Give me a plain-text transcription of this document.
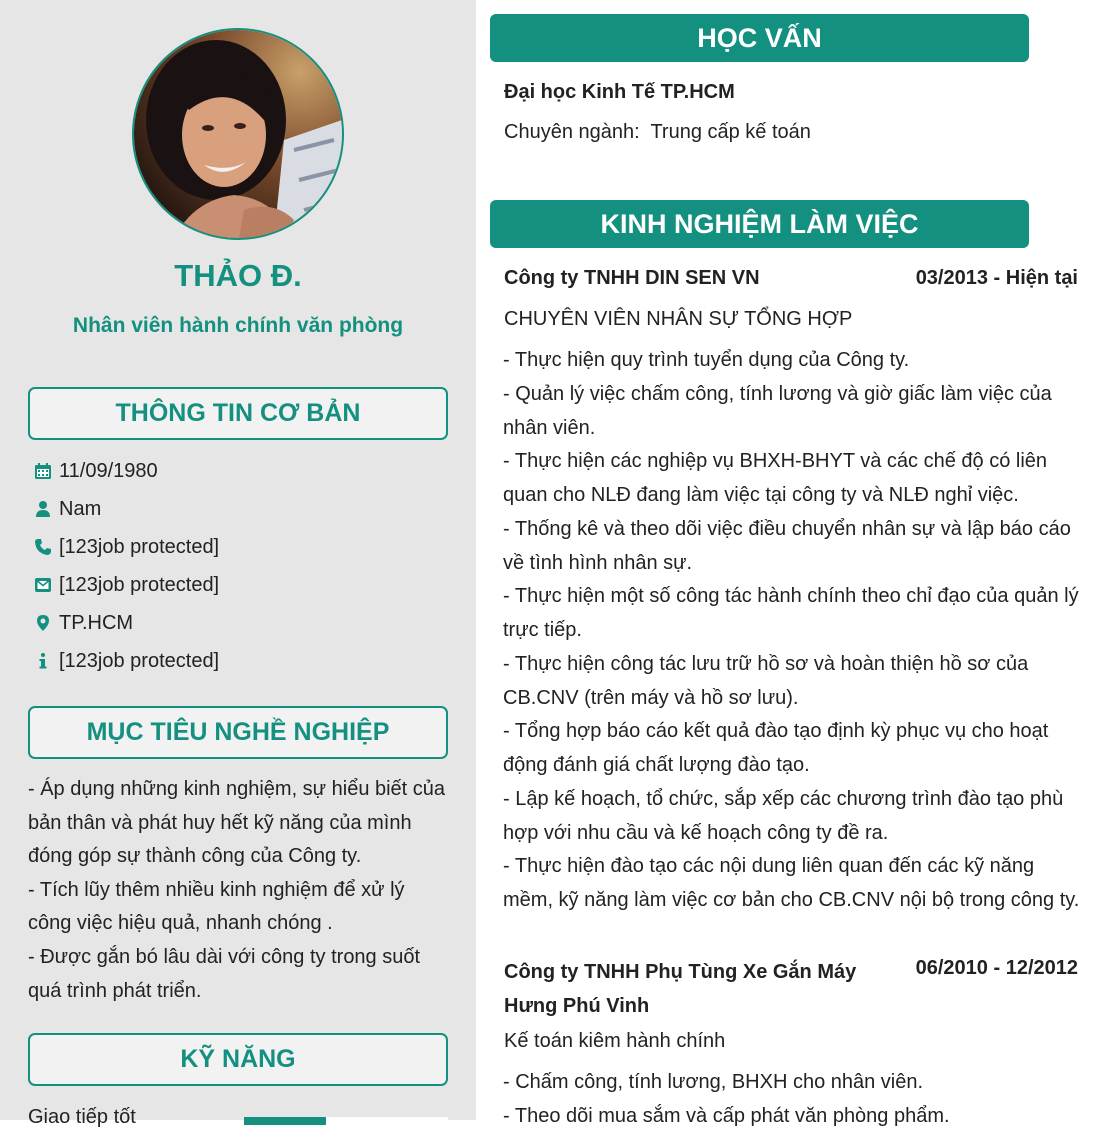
THẢO Đ.
Nhân viên hành chính văn phòng
THÔNG TIN CƠ BẢN
11/09/1980
Nam
[123job protected]
[123job protected]
TP.HCM
[123job protected]
MỤC TIÊU NGHỀ NGHIỆP
- Áp dụng những kinh nghiệm, sự hiểu biết của bản thân và phát huy hết kỹ năng của mình đóng góp sự thành công của Công ty.
- Tích lũy thêm nhiều kinh nghiệm để xử lý công việc hiệu quả, nhanh chóng .
- Được gắn bó lâu dài với công ty trong suốt quá trình phát triển.
KỸ NĂNG
Giao tiếp tốt
HỌC VẤN
Đại học Kinh Tế TP.HCM
Chuyên ngành: Trung cấp kế toán
KINH NGHIỆM LÀM VIỆC
Công ty TNHH DIN SEN VN	03/2013 - Hiện tại
CHUYÊN VIÊN NHÂN SỰ TỔNG HỢP
- Thực hiện quy trình tuyển dụng của Công ty.
- Quản lý việc chấm công, tính lương và giờ giấc làm việc của nhân viên.
- Thực hiện các nghiệp vụ BHXH-BHYT và các chế độ có liên quan cho NLĐ đang làm việc tại công ty và NLĐ nghỉ việc.
- Thống kê và theo dõi việc điều chuyển nhân sự và lập báo cáo về tình hình nhân sự.
- Thực hiện một số công tác hành chính theo chỉ đạo của quản lý trực tiếp.
- Thực hiện công tác lưu trữ hồ sơ và hoàn thiện hồ sơ của CB.CNV (trên máy và hồ sơ lưu).
- Tổng hợp báo cáo kết quả đào tạo định kỳ phục vụ cho hoạt động đánh giá chất lượng đào tạo.
- Lập kế hoạch, tổ chức, sắp xếp các chương trình đào tạo phù hợp với nhu cầu và kế hoạch công ty đề ra.
- Thực hiện đào tạo các nội dung liên quan đến các kỹ năng mềm, kỹ năng làm việc cơ bản cho CB.CNV nội bộ trong công ty.
Công ty TNHH Phụ Tùng Xe Gắn Máy Hưng Phú Vinh
06/2010 - 12/2012
Kế toán kiêm hành chính
- Chấm công, tính lương, BHXH cho nhân viên.
- Theo dõi mua sắm và cấp phát văn phòng phẩm.
